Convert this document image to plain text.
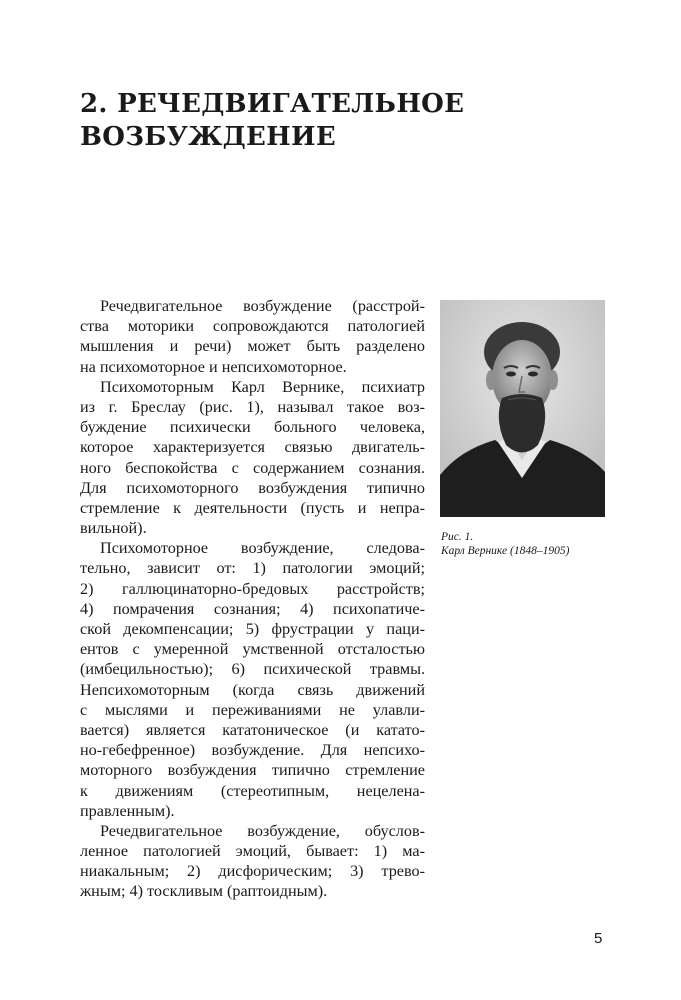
2. РЕЧЕДВИГАТЕЛЬНОЕ
ВОЗБУЖДЕНИЕ
Речедвигательное возбуждение (расстрой-
ства моторики сопровождаются патологией
мышления и речи) может быть разделено
на психомоторное и непсихомоторное.
Психомоторным Карл Вернике, психиатр
из г. Бреслау (рис. 1), называл такое воз-
буждение психически больного человека,
которое характеризуется связью двигатель-
ного беспокойства с содержанием сознания.
Для психомоторного возбуждения типично
стремление к деятельности (пусть и непра-
вильной).
Психомоторное возбуждение, следова-
тельно, зависит от: 1) патологии эмоций;
2) галлюцинаторно-бредовых расстройств;
4) помрачения сознания; 4) психопатиче-
ской декомпенсации; 5) фрустрации у паци-
ентов с умеренной умственной отсталостью
(имбецильностью); 6) психической травмы.
Непсихомоторным (когда связь движений
с мыслями и переживаниями не улавли-
вается) является кататоническое (и катато-
но-гебефренное) возбуждение. Для непсихо-
моторного возбуждения типично стремление
к движениям (стереотипным, нецелена-
правленным).
Речедвигательное возбуждение, обуслов-
ленное патологией эмоций, бывает: 1) ма-
ниакальным; 2) дисфорическим; 3) трево-
жным; 4) тоскливым (раптоидным).
Рис. 1.
Карл Вернике (1848–1905)
5
